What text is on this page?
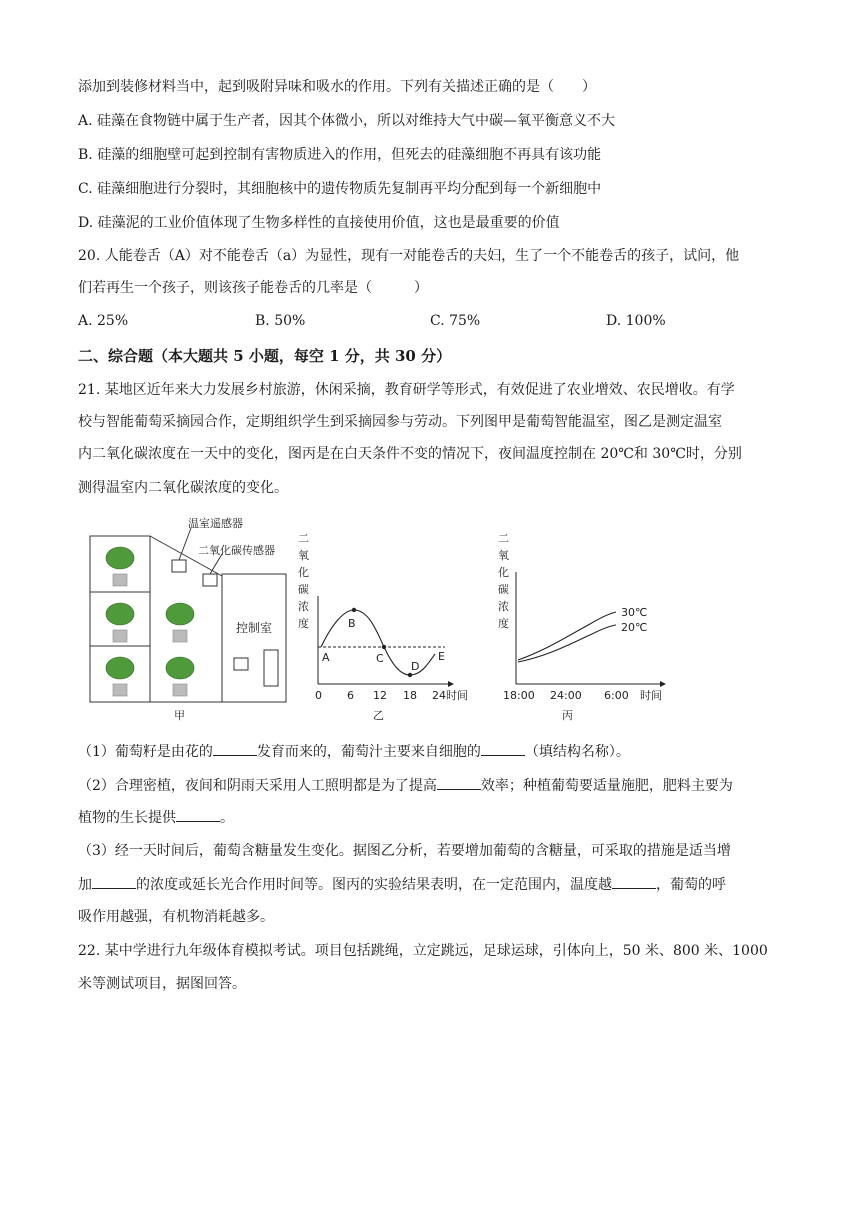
添加到装修材料当中，起到吸附异味和吸水的作用。下列有关描述正确的是（　　）
A. 硅藻在食物链中属于生产者，因其个体微小，所以对维持大气中碳—氧平衡意义不大
B. 硅藻的细胞壁可起到控制有害物质进入的作用，但死去的硅藻细胞不再具有该功能
C. 硅藻细胞进行分裂时，其细胞核中的遗传物质先复制再平均分配到每一个新细胞中
D. 硅藻泥的工业价值体现了生物多样性的直接使用价值，这也是最重要的价值
20. 人能卷舌（A）对不能卷舌（a）为显性，现有一对能卷舌的夫妇，生了一个不能卷舌的孩子，试问，他
们若再生一个孩子，则该孩子能卷舌的几率是（　　　）
A. 25%	B. 50%	C. 75%	D. 100%
二、综合题（本大题共 5 小题，每空 1 分，共 30 分）
21. 某地区近年来大力发展乡村旅游，休闲采摘，教育研学等形式，有效促进了农业增效、农民增收。有学
校与智能葡萄采摘园合作，定期组织学生到采摘园参与劳动。下列图甲是葡萄智能温室，图乙是测定温室
内二氧化碳浓度在一天中的变化，图丙是在白天条件不变的情况下，夜间温度控制在 20℃和 30℃时，分别
测得温室内二氧化碳浓度的变化。
温室遥感器
二氧化碳传感器
控制室
甲
二
氧
化
碳
浓
度
A
B
C
D
E
0 6 12 18 24 时间
乙
二
氧
化
碳
浓
度
30℃
20℃
18:00 24:00 6:00 时间
丙
（1）葡萄籽是由花的	发育而来的，葡萄汁主要来自细胞的	（填结构名称）。
（2）合理密植，夜间和阴雨天采用人工照明都是为了提高	效率；种植葡萄要适量施肥，肥料主要为
植物的生长提供	。
（3）经一天时间后，葡萄含糖量发生变化。据图乙分析，若要增加葡萄的含糖量，可采取的措施是适当增
加	的浓度或延长光合作用时间等。图丙的实验结果表明，在一定范围内，温度越	，葡萄的呼
吸作用越强，有机物消耗越多。
22. 某中学进行九年级体育模拟考试。项目包括跳绳，立定跳远，足球运球，引体向上，50 米、800 米、1000
米等测试项目，据图回答。
